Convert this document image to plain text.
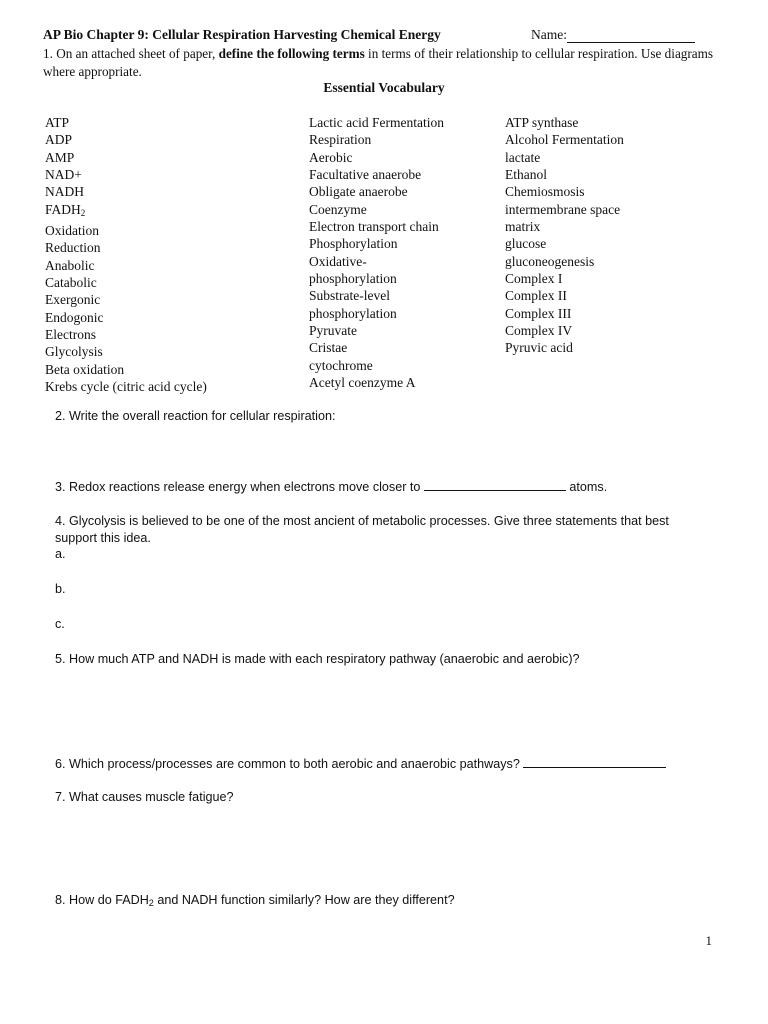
AP Bio Chapter 9: Cellular Respiration Harvesting Chemical Energy	Name:
1. On an attached sheet of paper, define the following terms in terms of their relationship to cellular respiration. Use diagrams where appropriate.
Essential Vocabulary
ATP
ADP
AMP
NAD+
NADH
$FADH_2$
Oxidation
Reduction
Anabolic
Catabolic
Exergonic
Endogonic
Electrons
Glycolysis
Beta oxidation
Krebs cycle (citric acid cycle)
Lactic acid Fermentation
Respiration
Aerobic
Facultative anaerobe
Obligate anaerobe
Coenzyme
Electron transport chain
Phosphorylation
Oxidative-
phosphorylation
Substrate-level
phosphorylation
Pyruvate
Cristae
cytochrome
Acetyl coenzyme A
ATP synthase
Alcohol Fermentation
lactate
Ethanol
Chemiosmosis
intermembrane space
matrix
glucose
gluconeogenesis
Complex I
Complex II
Complex III
Complex IV
Pyruvic acid
2. Write the overall reaction for cellular respiration:
3. Redox reactions release energy when electrons move closer to	atoms.
4. Glycolysis is believed to be one of the most ancient of metabolic processes. Give three statements that best support this idea.
a.
b.
c.
5. How much ATP and NADH is made with each respiratory pathway (anaerobic and aerobic)?
6. Which process/processes are common to both aerobic and anaerobic pathways?
7. What causes muscle fatigue?
8. How do $FADH_2$ and NADH function similarly? How are they different?
1
